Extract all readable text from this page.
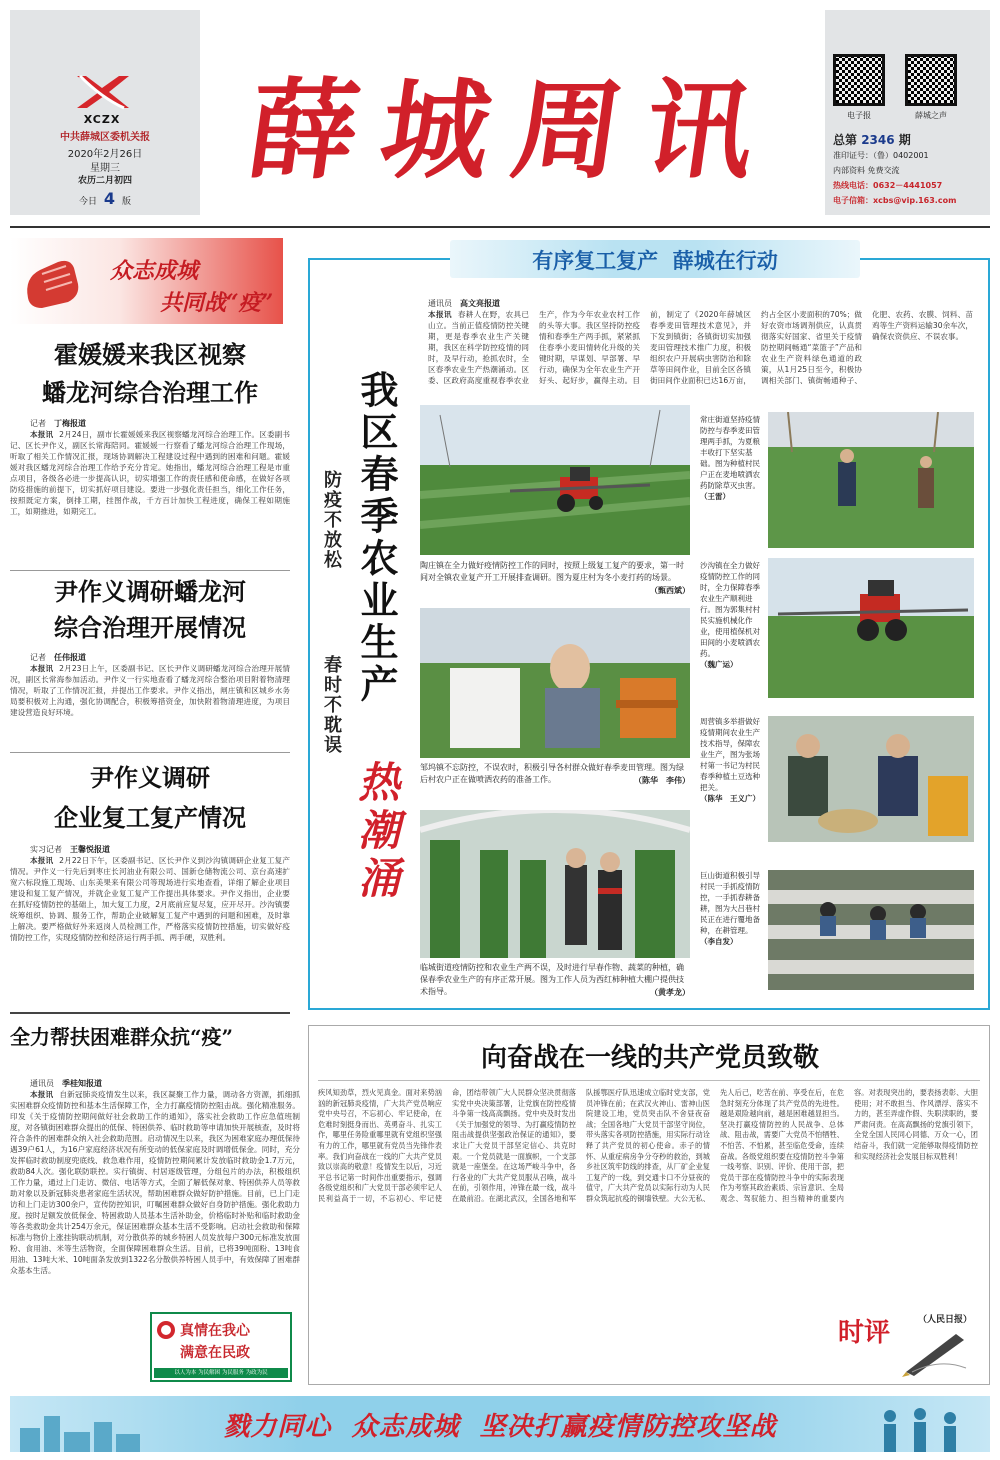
XCZX
中共薛城区委机关报
2020年2月26日
星期三
农历二月初四
今日 4 版
薛城周讯	电子报	薛城之声
总第 2346 期
准印证号：（鲁）0402001
内部资料 免费交流
热线电话：0632－4441057
电子信箱：xcbs@vip.163.com
众志成城
共同战“疫”
霍媛媛来我区视察
蟠龙河综合治理工作
记者　 丁梅报道
本报讯 2月24日，副市长霍媛媛来我区视察蟠龙河综合治理工作。区委副书记、区长尹作义，副区长常海陪同。霍媛媛一行察看了蟠龙河综合治理工作现场，听取了相关工作情况汇报，现场协调解决工程建设过程中遇到的困难和问题。霍媛媛对我区蟠龙河综合治理工作给予充分肯定。她指出，蟠龙河综合治理工程是市重点项目，各级各必进一步提高认识，切实增强工作的责任感和使命感，在做好各项防疫措施的前提下，切实抓好项目建设。要进一步强化责任担当，细化工作任务，按照既定方案，倒排工期，挂图作战，千方百计加快工程进度，确保工程如期施工，如期推进，如期完工。
尹作义调研蟠龙河
综合治理开展情况
记者　 任伟报道
本报讯 2月23日上午，区委副书记、区长尹作义调研蟠龙河综合治理开展情况，副区长常海参加活动。尹作义一行实地查看了蟠龙河综合整治项目附着物清理情况，听取了工作情况汇报，并提出工作要求。尹作义指出，闸庄镇和区城乡水务局要积极对上沟通，强化协调配合，积极筹措资金，加快附着物清理进度，为项目建设营造良好环境。
尹作义调研
企业复工复产情况
实习记者　 王馨悦报道
本报讯 2月22日下午，区委副书记、区长尹作义到沙沟镇调研企业复工复产情况。尹作义一行先后到枣庄长河油业有限公司、国新仓储物流公司、京台高速扩宽六标段施工现场、山东美果来有限公司等现场进行实地查看，详细了解企业项目建设和复工复产情况，并就企业复工复产工作提出具体要求。尹作义指出，企业要在抓好疫情防控的基础上，加大复工力度，2月底前应复尽复，应开尽开。沙沟镇要统筹组织、协调、服务工作，帮助企业破解复工复产中遇到的问题和困难，及时靠上解决。要严格做好外来返岗人员检测工作，严格落实疫情防控措施，切实做好疫情防控工作，实现疫情防控和经济运行两手抓、两手硬，双胜利。
全力帮扶困难群众抗“疫”
通讯员　 季桂知报道
本报讯 自新冠肺炎疫情发生以来，我区凝聚工作力量，调动各方资源，抓细抓实困难群众疫情防控和基本生活保障工作，全力打赢疫情防控阻击战。强化精准服务。印发《关于疫情防控期间做好社会救助工作的通知》，落实社会救助工作应急值班制度，对各镇街困难群众提出的低保、特困供养、临时救助等申请加快开展核查，及时将符合条件的困难群众纳入社会救助范围。启动情况生以来，我区为困难家庭办理低保待遇39户61人，为16户家庭经济状况有所变动的低保家庭及时调增低保金。同时，充分发挥临时救助制度兜底线、救急难作用，疫情防控期间累计发放临时救助金1.7万元，救助84人次。强化联防联控。实行镇街、村居逐级管理，分组包片的办法，积极组织工作力量，通过上门走访、微信、电话等方式，全面了解低保对象、特困供养人员等救助对象以及新冠肺炎患者家庭生活状况，帮助困难群众做好防护措施。目前，已上门走访和上门走访300余户，宣传防控知识，叮嘱困难群众做好自身防护措施。强化救助力度。按时足额发放低保金、特困救助人员基本生活补助金，价格临时补贴和临时救助金等各类救助金共计254万余元，保证困难群众基本生活不受影响。启动社会救助和保障标准与物价上涨挂钩联动机制，对分散供养的城乡特困人员发放每户300元标准发放面粉、食用油、米等生活物资，全面保障困难群众生活。目前，已将39吨面粉、13吨食用油、13吨大米、10吨面条发放到1322名分散供养特困人员手中，有效保障了困难群众基本生活。
真情在我心
满意在民政
以人为本 为民解困 为民服务 为政为民
有序复工复产  薛城在行动
我区春季农业生产
热潮涌
防疫不放松
春时不耽误
通讯员　 高文亮报道
本报讯 春耕人在野，农具已山立。当前正值疫情防控关键期，更是春季农业生产关键期，我区在科学防控疫情的同时，及早行动，抢抓农时，全区春季农业生产热潮涌动。区委、区政府高度重视春季农业生产，作为今年农业农村工作的头等大事。我区坚持防控疫情和春季生产两手抓，紧紧抓住春季小麦田情转化升级的关键时期，早谋划、早部署、早行动，确保为全年农业生产开好头、起好步，赢得主动。目前，制定了《2020年薛城区春季麦田管理技术意见》，并下发到镇街；各镇街切实加强麦田管理技术推广力度，积极组织农户开展病虫害防治和除草等田间作业，目前全区各镇街田间作业面积已达16万亩，约占全区小麦面积的70%；做好农资市场调剂供应，认真贯彻落实好国家、省里关于疫情防控期间畅通“菜篮子”产品和农业生产资料绿色通道的政策，从1月25日至今，积极协调相关部门、镇街畅通种子、化肥、农药、农膜、饲料、苗鸡等生产资料运输30余车次，确保农资供应、不误农事。
陶庄镇在全力做好疫情防控工作的同时，按照上级复工复产的要求，第一时间对全镇农业复产开工开展排查调研。图为夏庄村为冬小麦打药的场景。
（甄西斌）
邹坞镇不忘防控，不误农时，积极引导各村群众做好春季麦田管理。图为绿后村农户正在做喷洒农药的准备工作。	（陈华　李伟）
临城街道疫情防控和农业生产两不误，及时进行早春作物、蔬菜的种植，确保春季农业生产的有序正常开展。图为工作人员为西红柿种植大棚户提供技术指导。	（黄孝龙）
常庄街道坚持疫情防控与春季麦田管理两手抓，为夏粮丰收打下坚实基础。图为种植村民户正在麦地喷洒农药防除草灭虫害。
（王雷）
沙沟镇在全力做好疫情防控工作的同时，全力保障春季农业生产顺利进行。图为郭集村村民实施机械化作业，使用植保机对田间的小麦喷洒农药。
（魏广运）
周营镇多举措做好疫情期间农业生产技术指导，保障农业生产，图为张场村第一书记为村民春季种植土豆选种把关。
（陈华　王义广）
巨山街道积极引导村民一手抓疫情防控，一手抓春耕备耕，图为大吕巷村民正在进行覆地备种，在耕管理。
（李自发）
向奋战在一线的共产党员致敬
疾风知劲草，烈火见真金。面对来势汹汹的新冠肺炎疫情，广大共产党员响应党中央号召，不忘初心、牢记使命，在危难时刻挺身而出、英勇奋斗、扎实工作，哪里任务险重哪里就有党组织坚强有力的工作，哪里就有党员当先锋作表率。我们向奋战在一线的广大共产党员致以崇高的敬意！疫情发生以后，习近平总书记第一时间作出重要指示，强调各级党组织和广大党员干部必须牢记人民利益高于一切，不忘初心、牢记使命，团结带领广大人民群众坚决贯彻落实党中央决策部署，让党旗在防控疫情斗争第一线高高飘扬。党中央及时发出《关于加强党的领导、为打赢疫情防控阻击战提供坚强政治保证的通知》，要求让广大党员干部坚定信心、共克时艰。一个党员就是一面旗帜，一个支部就是一座堡垒。在这场严峻斗争中，各行各业的广大共产党员服从召唤，战斗在前，引领作用，冲锋在最一线，战斗在最前沿。在湖北武汉，全国各地和军队援鄂医疗队迅速成立临时党支部，党员冲锋在前；在武汉火神山、雷神山医院建设工地，党员突击队不舍昼夜奋战；全国各地广大党员干部坚守岗位，带头落实各项防控措施，用实际行动诠释了共产党员的初心使命。赤子的情怀、从重症病房争分夺秒的救治，到城乡社区筑牢防线的排查，从厂矿企业复工复产的一线，到交通卡口不分昼夜的值守，广大共产党员以实际行动为人民群众筑起抗疫的铜墙铁壁。大公无私、先人后己，吃苦在前、享受在后，在危急时刻充分体现了共产党员的先进性。越是艰险越向前，越是困难越显担当。坚决打赢疫情防控的人民战争、总体战、阻击战，需要广大党员不怕牺牲、不怕苦、不怕累，甚至临危受命，连续奋战。各级党组织要在疫情防控斗争第一线考察、识别、评价、使用干部，把党员干部在疫情防控斗争中的实际表现作为考察其政治素质、宗旨意识、全局观念、驾驭能力、担当精神的重要内容。对表现突出的，要表扬表彰、大胆使用；对不敢担当、作风漂浮、落实不力的，甚至弄虚作假、失职渎职的，要严肃问责。在高高飘扬的党旗引领下，全党全国人民同心同德、万众一心，团结奋斗，我们就一定能够取得疫情防控和实现经济社会发展目标双胜利！
（人民日报）
时评
戮力同心  众志成城  坚决打赢疫情防控攻坚战
